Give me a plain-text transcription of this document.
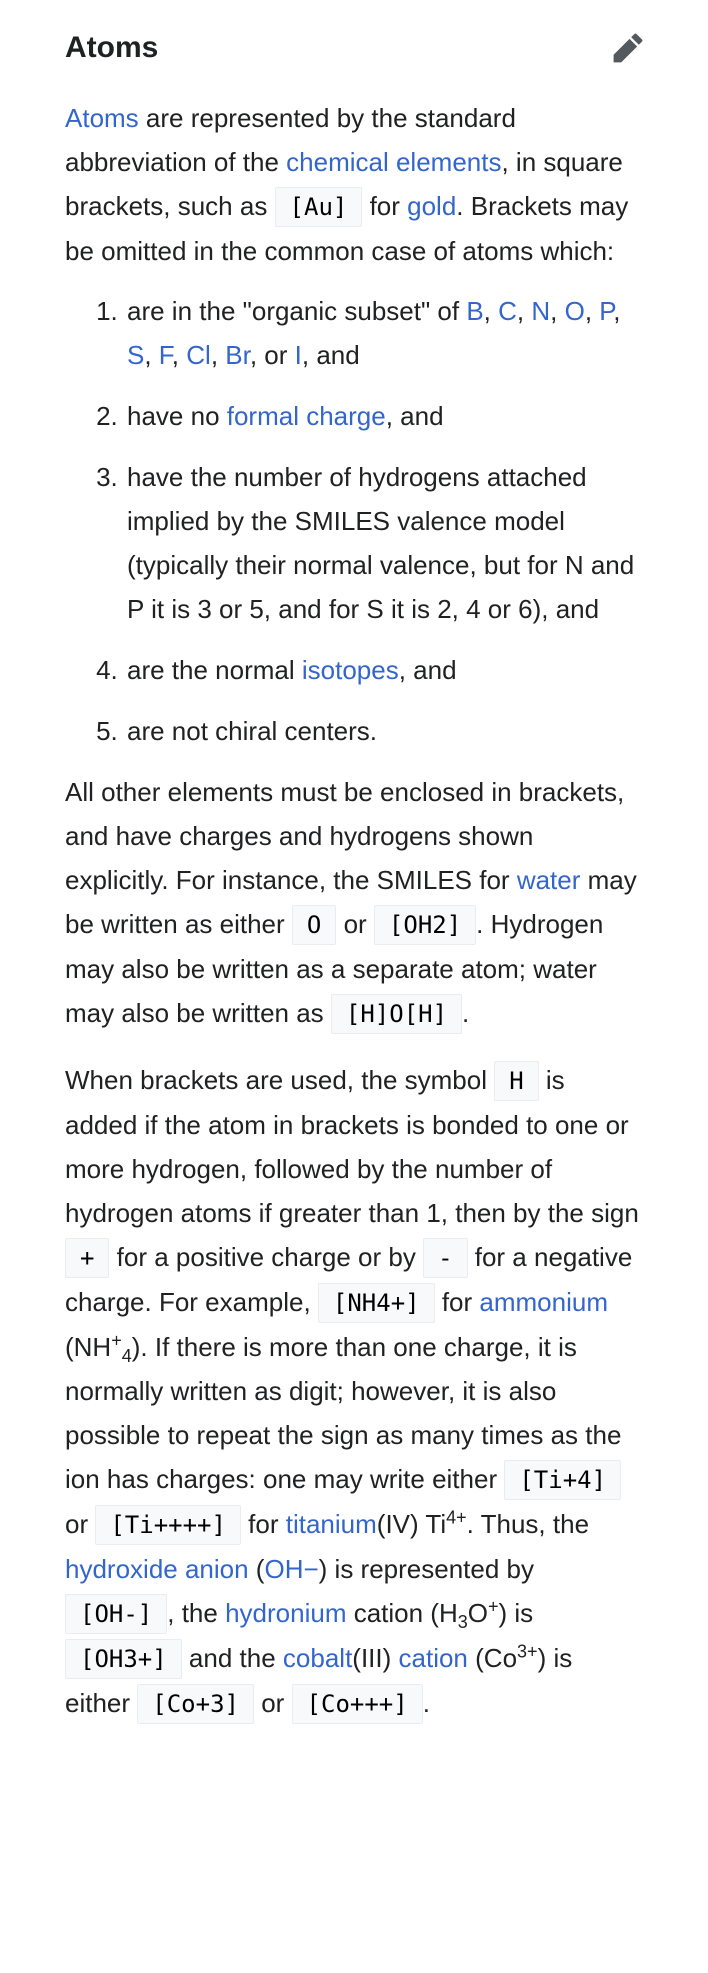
Atoms

Atoms are represented by the standard abbreviation of the chemical elements, in square brackets, such as [Au] for gold. Brackets may be omitted in the common case of atoms which:

1. are in the "organic subset" of B, C, N, O, P, S, F, Cl, Br, or I, and
2. have no formal charge, and
3. have the number of hydrogens attached implied by the SMILES valence model (typically their normal valence, but for N and P it is 3 or 5, and for S it is 2, 4 or 6), and
4. are the normal isotopes, and
5. are not chiral centers.

All other elements must be enclosed in brackets, and have charges and hydrogens shown explicitly. For instance, the SMILES for water may be written as either O or [OH2] . Hydrogen may also be written as a separate atom; water may also be written as [H]O[H] .

When brackets are used, the symbol H is added if the atom in brackets is bonded to one or more hydrogen, followed by the number of hydrogen atoms if greater than 1, then by the sign + for a positive charge or by - for a negative charge. For example, [NH4+] for ammonium $(NH^+_4)$. If there is more than one charge, it is normally written as digit; however, it is also possible to repeat the sign as many times as the ion has charges: one may write either [Ti+4] or [Ti++++] for titanium(IV) $Ti^{4+}$. Thus, the hydroxide anion (OH−) is represented by [OH-] , the hydronium cation $(H_3O^+)$ is [OH3+] and the cobalt(III) cation $(Co^{3+})$ is either [Co+3] or [Co+++] .
